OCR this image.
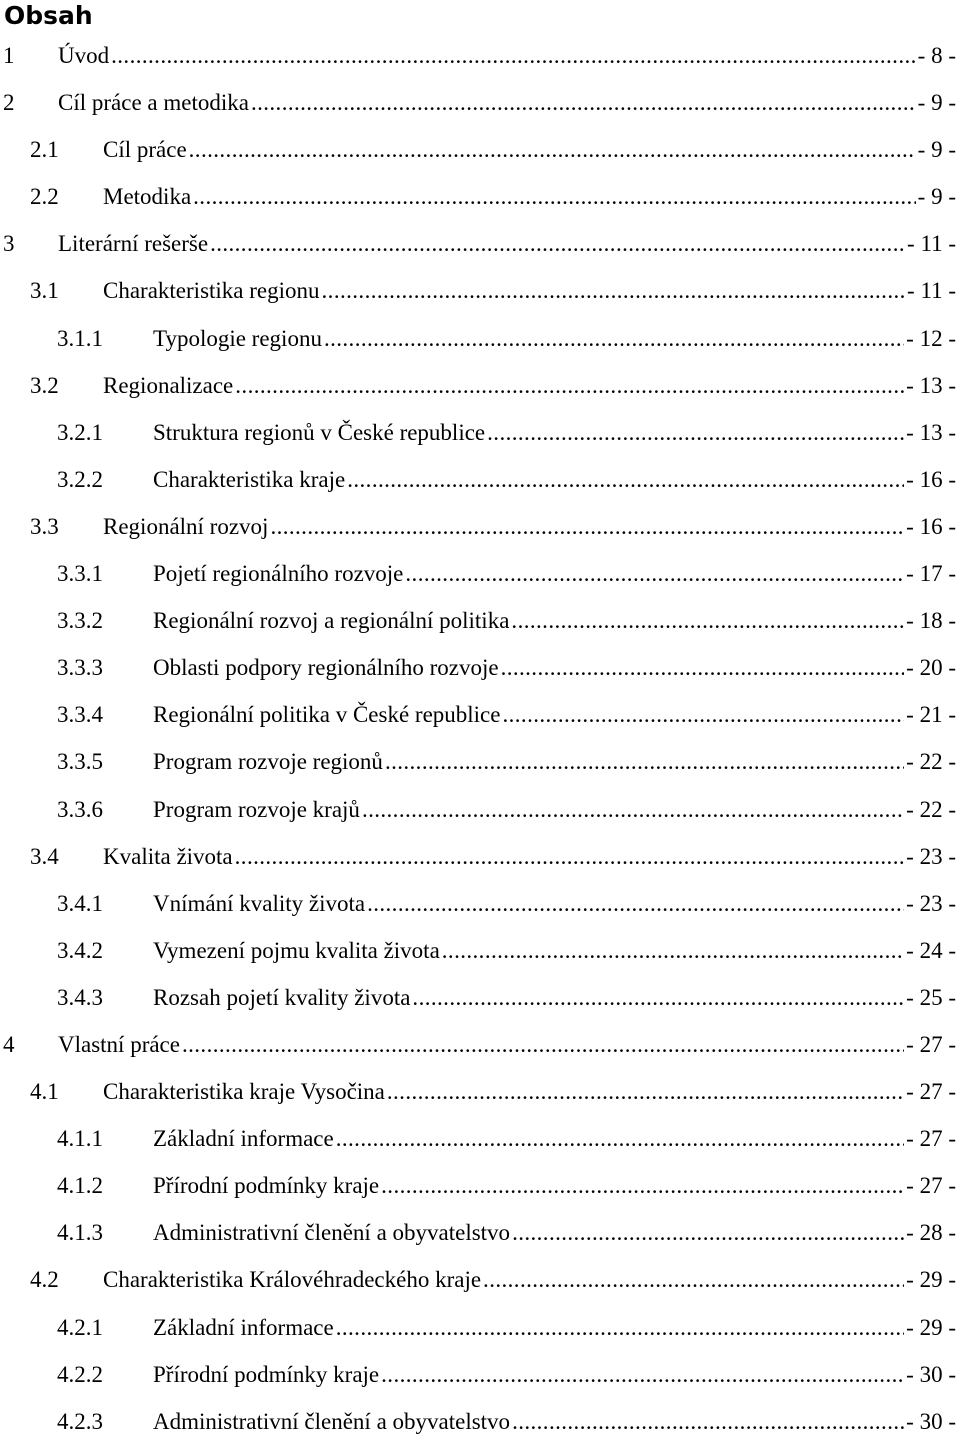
Obsah
1	Úvod .....	- 8 -
2	Cíl práce a metodika .....	- 9 -
2.1	Cíl práce .....	- 9 -
2.2	Metodika .....	- 9 -
3	Literární rešerše .....	- 11 -
3.1	Charakteristika regionu .....	- 11 -
3.1.1	Typologie regionu .....	- 12 -
3.2	Regionalizace .....	- 13 -
3.2.1	Struktura regionů v České republice .....	- 13 -
3.2.2	Charakteristika kraje .....	- 16 -
3.3	Regionální rozvoj .....	- 16 -
3.3.1	Pojetí regionálního rozvoje .....	- 17 -
3.3.2	Regionální rozvoj a regionální politika .....	- 18 -
3.3.3	Oblasti podpory regionálního rozvoje .....	- 20 -
3.3.4	Regionální politika v České republice .....	- 21 -
3.3.5	Program rozvoje regionů .....	- 22 -
3.3.6	Program rozvoje krajů .....	- 22 -
3.4	Kvalita života .....	- 23 -
3.4.1	Vnímání kvality života .....	- 23 -
3.4.2	Vymezení pojmu kvalita života .....	- 24 -
3.4.3	Rozsah pojetí kvality života .....	- 25 -
4	Vlastní práce .....	- 27 -
4.1	Charakteristika kraje Vysočina .....	- 27 -
4.1.1	Základní informace .....	- 27 -
4.1.2	Přírodní podmínky kraje .....	- 27 -
4.1.3	Administrativní členění a obyvatelstvo .....	- 28 -
4.2	Charakteristika Královéhradeckého kraje .....	- 29 -
4.2.1	Základní informace .....	- 29 -
4.2.2	Přírodní podmínky kraje .....	- 30 -
4.2.3	Administrativní členění a obyvatelstvo .....	- 30 -
